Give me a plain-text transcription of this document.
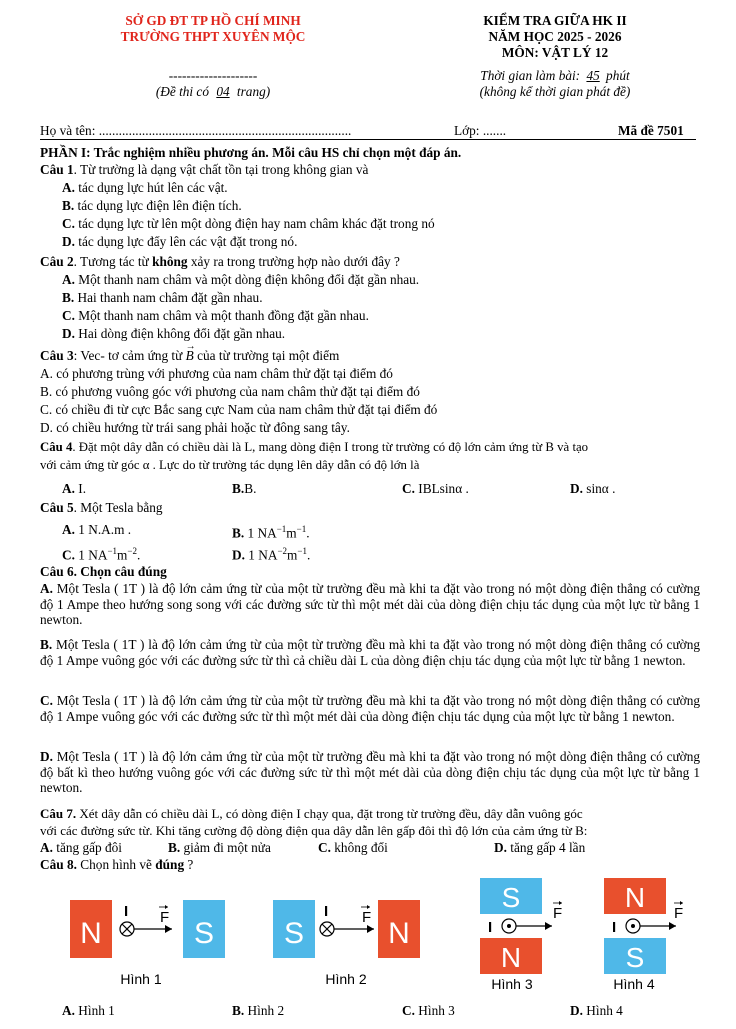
SỞ GD ĐT TP HỒ CHÍ MINH
TRƯỜNG THPT XUYÊN MỘC
--------------------
(Đề thi có 04 trang)
KIỂM TRA GIỮA HK II
NĂM HỌC 2025 - 2026
MÔN: VẬT LÝ 12
Thời gian làm bài: 45 phút
(không kể thời gian phát đề)
Họ và tên: ............................................................................	Lớp: .......	Mã đề 7501
PHẦN I: Trắc nghiệm nhiều phương án. Mỗi câu HS chỉ chọn một đáp án.
Câu 1. Từ trường là dạng vật chất tồn tại trong không gian và
A. tác dụng lực hút lên các vật.
B. tác dụng lực điện lên điện tích.
C. tác dụng lực từ lên một dòng điện hay nam châm khác đặt trong nó
D. tác dụng lực đẩy lên các vật đặt trong nó.
Câu 2. Tương tác từ không xảy ra trong trường hợp nào dưới đây ?
A. Một thanh nam châm và một dòng điện không đổi đặt gần nhau.
B. Hai thanh nam châm đặt gần nhau.
C. Một thanh nam châm và một thanh đồng đặt gần nhau.
D. Hai dòng điện không đổi đặt gần nhau.
Câu 3: Vec- tơ cảm ứng từ → B của từ trường tại một điểm
A. có phương trùng với phương của nam châm thử đặt tại điểm đó
B. có phương vuông góc với phương của nam châm thử đặt tại điểm đó
C. có chiều đi từ cực Bắc sang cực Nam của nam châm thử đặt tại điểm đó
D. có chiều hướng từ trái sang phải hoặc từ đông sang tây.
Câu 4. Đặt một dây dẫn có chiều dài là L, mang dòng điện I trong từ trường có độ lớn cảm ứng từ B và tạo
với cảm ứng từ góc α . Lực do từ trường tác dụng lên dây dẫn có độ lớn là
A. I.	B.B.	C. IBLsinα .	D. sinα .
Câu 5. Một Tesla bằng
A. 1 N.A.m .	B. 1 $NA^{-1}m^{-1}$.
C. 1 $NA^{-1}m^{-2}$.	D. 1 $NA^{-2}m^{-1}$.
Câu 6. Chọn câu đúng
A. Một Tesla ( 1T ) là độ lớn cảm ứng từ của một từ trường đều mà khi ta đặt vào trong nó một dòng điện thẳng có cường độ 1 Ampe theo hướng song song với các đường sức từ thì một mét dài của dòng điện chịu tác dụng của một lực từ bằng 1 newton.
B. Một Tesla ( 1T ) là độ lớn cảm ứng từ của một từ trường đều mà khi ta đặt vào trong nó một dòng điện thẳng có cường độ 1 Ampe vuông góc với các đường sức từ thì cả chiều dài L của dòng điện chịu tác dụng của một lực từ bằng 1 newton.
C. Một Tesla ( 1T ) là độ lớn cảm ứng từ của một từ trường đều mà khi ta đặt vào trong nó một dòng điện thẳng có cường độ 1 Ampe vuông góc với các đường sức từ thì một mét dài của dòng điện chịu tác dụng của một lực từ bằng 1 newton.
D. Một Tesla ( 1T ) là độ lớn cảm ứng từ của một từ trường đều mà khi ta đặt vào trong nó một dòng điện thẳng có cường độ bất kì theo hướng vuông góc với các đường sức từ thì một mét dài của dòng điện chịu tác dụng của một lực từ bằng 1 newton.
Câu 7. Xét dây dẫn có chiều dài L, có dòng điện I chạy qua, đặt trong từ trường đều, dây dẫn vuông góc
với các đường sức từ. Khi tăng cường độ dòng điện qua dây dẫn lên gấp đôi thì độ lớn của cảm ứng từ B:
A. tăng gấp đôi	B. giảm đi một nửa	C. không đổi	D. tăng gấp 4 lần
Câu 8. Chọn hình vẽ đúng ?
N	S
I F
Hình 1
S	N
I F
Hình 2
S
N
I
F
Hình 3
N
S
I
F
Hình 4
A. Hình 1	B. Hình 2	C. Hình 3	D. Hình 4
